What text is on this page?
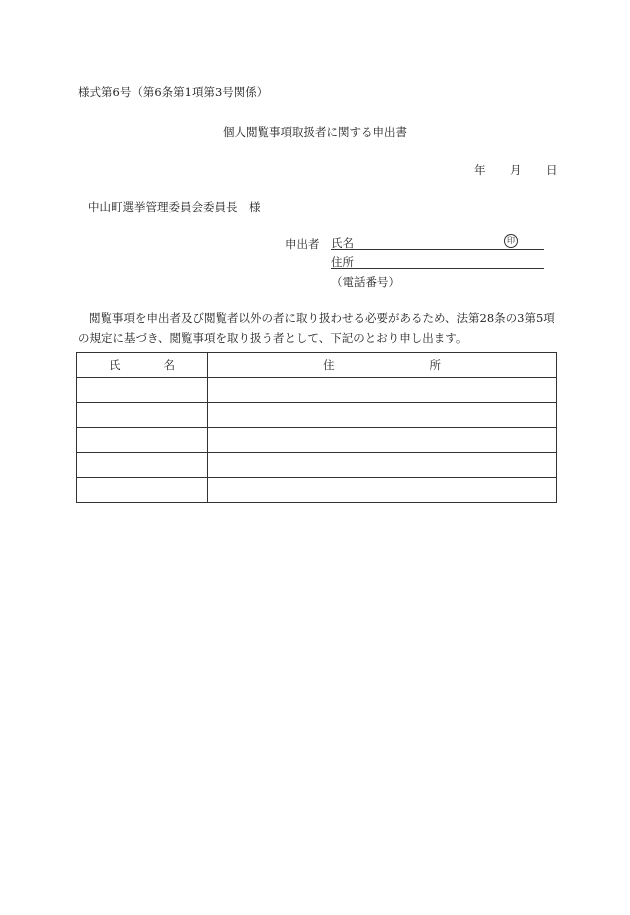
様式第6号（第6条第1項第3号関係）
個人閲覧事項取扱者に関する申出書
年 月 日
中山町選挙管理委員会委員長　様
申出者 氏名	印
住所
（電話番号）
閲覧事項を申出者及び閲覧者以外の者に取り扱わせる必要があるため、法第28条の3第5項の規定に基づき、閲覧事項を取り扱う者として、下記のとおり申し出ます。
氏 名	住 所
